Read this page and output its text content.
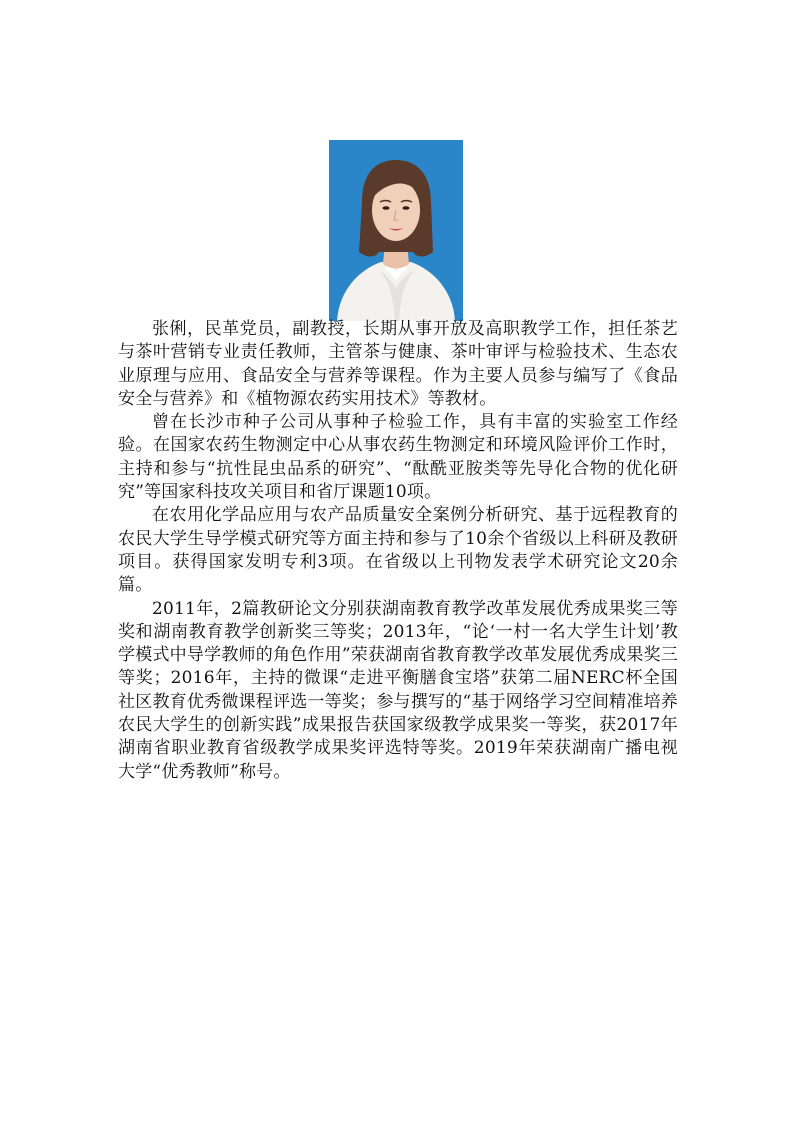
张俐，民革党员，副教授，长期从事开放及高职教学工作，担任茶艺与茶叶营销专业责任教师，主管茶与健康、茶叶审评与检验技术、生态农业原理与应用、食品安全与营养等课程。作为主要人员参与编写了《食品安全与营养》和《植物源农药实用技术》等教材。

曾在长沙市种子公司从事种子检验工作，具有丰富的实验室工作经验。在国家农药生物测定中心从事农药生物测定和环境风险评价工作时，主持和参与“抗性昆虫品系的研究”、“酞酰亚胺类等先导化合物的优化研究”等国家科技攻关项目和省厅课题10项。

在农用化学品应用与农产品质量安全案例分析研究、基于远程教育的农民大学生导学模式研究等方面主持和参与了10余个省级以上科研及教研项目。获得国家发明专利3项。在省级以上刊物发表学术研究论文20余篇。

2011年，2篇教研论文分别获湖南教育教学改革发展优秀成果奖三等奖和湖南教育教学创新奖三等奖；2013年，“论‘一村一名大学生计划’教学模式中导学教师的角色作用”荣获湖南省教育教学改革发展优秀成果奖三等奖；2016年，主持的微课“走进平衡膳食宝塔”获第二届NERC杯全国社区教育优秀微课程评选一等奖；参与撰写的“基于网络学习空间精准培养农民大学生的创新实践”成果报告获国家级教学成果奖一等奖，获2017年湖南省职业教育省级教学成果奖评选特等奖。2019年荣获湖南广播电视大学“优秀教师”称号。
